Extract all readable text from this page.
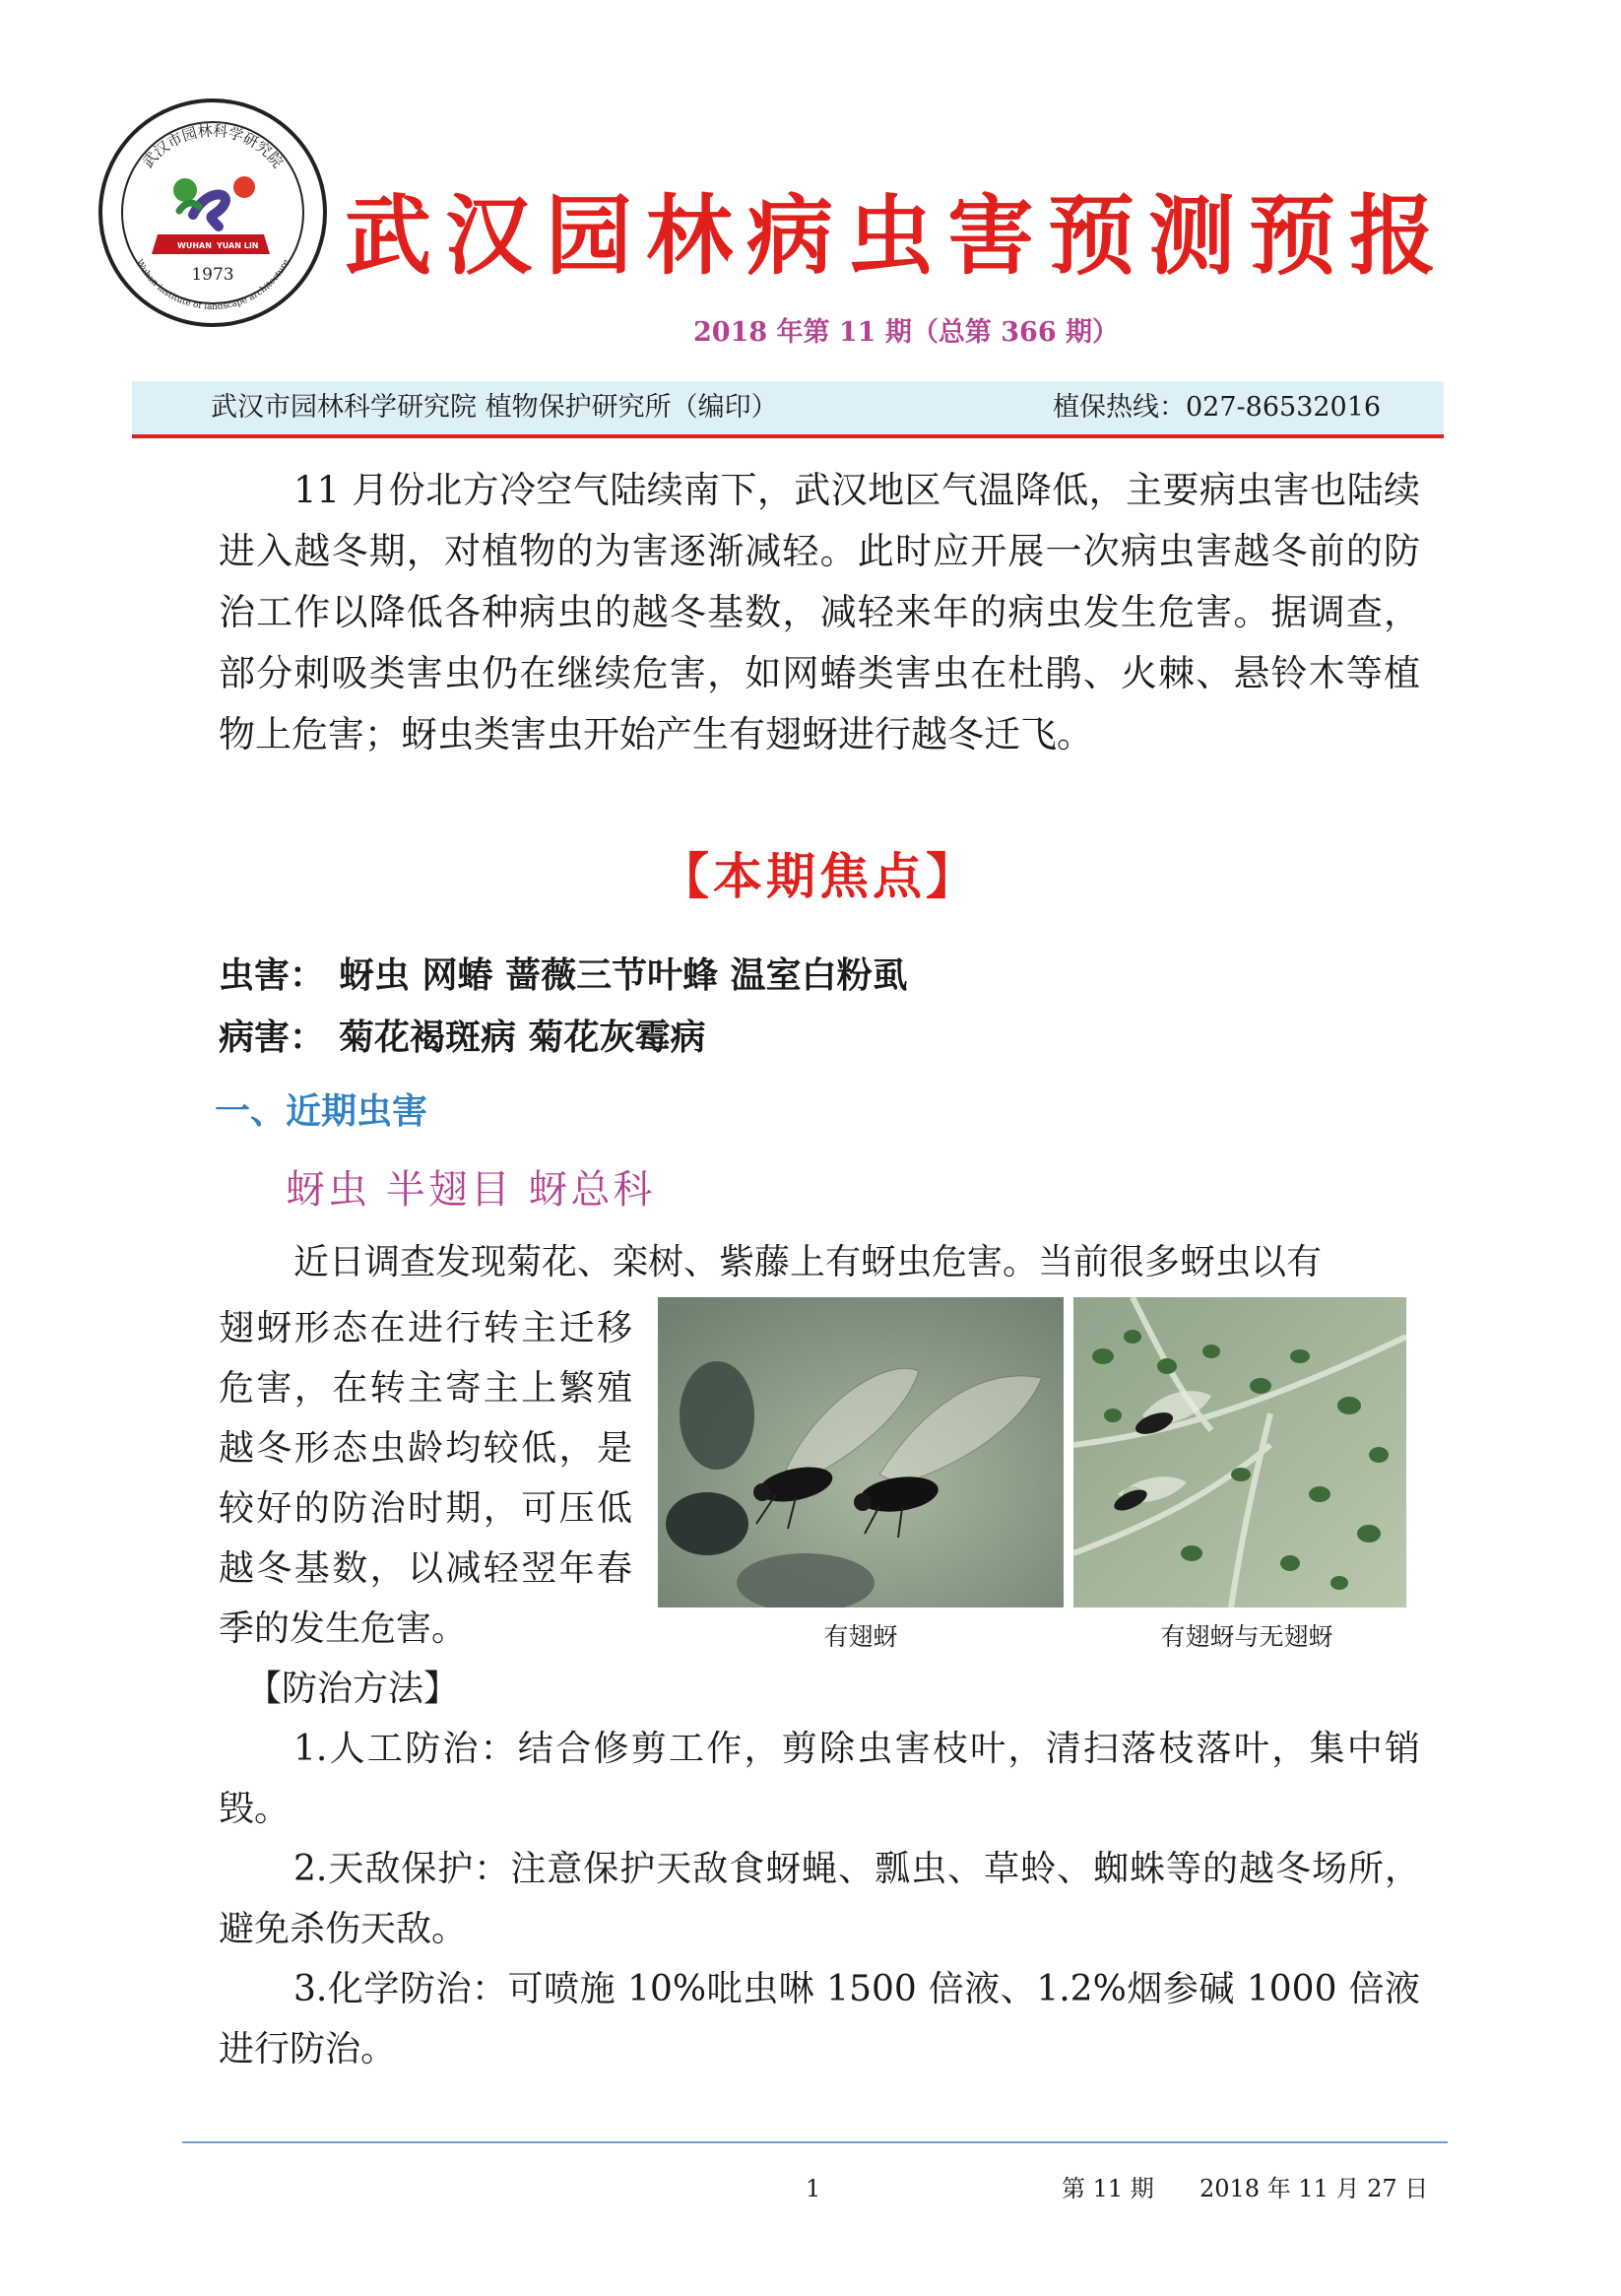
武汉市园林科学研究院
Wuhan institute of landscape architecture
WUHAN YUAN LIN
1973 武汉园林病虫害预测预报
2018 年第 11 期（总第 366 期）
武汉市园林科学研究院 植物保护研究所（编印）	植保热线：027-86532016

11 月份北方冷空气陆续南下，武汉地区气温降低，主要病虫害也陆续进入越冬期，对植物的为害逐渐减轻。此时应开展一次病虫害越冬前的防治工作以降低各种病虫的越冬基数，减轻来年的病虫发生危害。据调查，部分刺吸类害虫仍在继续危害，如网蝽类害虫在杜鹃、火棘、悬铃木等植物上危害；蚜虫类害虫开始产生有翅蚜进行越冬迁飞。

【本期焦点】
虫害： 蚜虫 网蝽 蔷薇三节叶蜂 温室白粉虱
病害： 菊花褐斑病 菊花灰霉病
一、近期虫害
蚜虫 半翅目 蚜总科
近日调查发现菊花、栾树、紫藤上有蚜虫危害。当前很多蚜虫以有

翅蚜形态在进行转主迁移危害，在转主寄主上繁殖越冬形态虫龄均较低，是较好的防治时期，可压低越冬基数，以减轻翌年春季的发生危害。	有翅蚜	有翅蚜与无翅蚜
【防治方法】

1.人工防治：结合修剪工作，剪除虫害枝叶，清扫落枝落叶，集中销毁。

2.天敌保护：注意保护天敌食蚜蝇、瓢虫、草蛉、蜘蛛等的越冬场所，避免杀伤天敌。

3.化学防治：可喷施 10%吡虫啉 1500 倍液、1.2%烟参碱 1000 倍液进行防治。

1	第 11 期 2018 年 11 月 27 日
